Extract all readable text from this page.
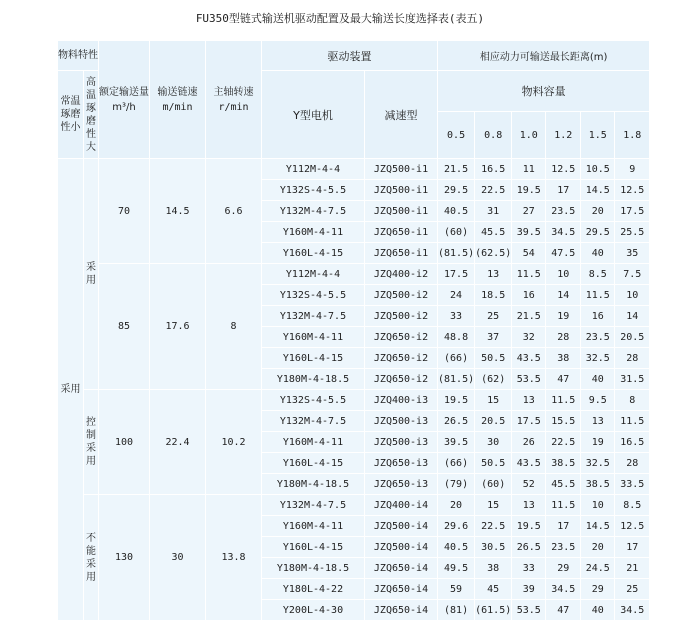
FU350型链式输送机驱动配置及最大输送长度选择表(表五)
物料特性		额定输送量m³/h	输送链速 m/min	主轴转速 r/min	驱动装置		相应动力可输送最长距离(m)					
常温琢磨性小	高温琢磨性大				Y型电机	减速型	物料容量					
							0.5	0.8	1.0	1.2	1.5	1.8
采用	采用	70	14.5	6.6	Y112M-4-4	JZQ500-i1	21.5	16.5	11	12.5	10.5	9
					Y132S-4-5.5	JZQ500-i1	29.5	22.5	19.5	17	14.5	12.5
					Y132M-4-7.5	JZQ500-i1	40.5	31	27	23.5	20	17.5
					Y160M-4-11	JZQ650-i1	(60)	45.5	39.5	34.5	29.5	25.5
					Y160L-4-15	JZQ650-i1	(81.5)	(62.5)	54	47.5	40	35
		85	17.6	8	Y112M-4-4	JZQ400-i2	17.5	13	11.5	10	8.5	7.5
					Y132S-4-5.5	JZQ500-i2	24	18.5	16	14	11.5	10
					Y132M-4-7.5	JZQ500-i2	33	25	21.5	19	16	14
					Y160M-4-11	JZQ650-i2	48.8	37	32	28	23.5	20.5
					Y160L-4-15	JZQ650-i2	(66)	50.5	43.5	38	32.5	28
					Y180M-4-18.5	JZQ650-i2	(81.5)	(62)	53.5	47	40	31.5
	控制采用	100	22.4	10.2	Y132S-4-5.5	JZQ400-i3	19.5	15	13	11.5	9.5	8
					Y132M-4-7.5	JZQ500-i3	26.5	20.5	17.5	15.5	13	11.5
					Y160M-4-11	JZQ500-i3	39.5	30	26	22.5	19	16.5
					Y160L-4-15	JZQ650-i3	(66)	50.5	43.5	38.5	32.5	28
					Y180M-4-18.5	JZQ650-i3	(79)	(60)	52	45.5	38.5	33.5
	不能采用	130	30	13.8	Y132M-4-7.5	JZQ400-i4	20	15	13	11.5	10	8.5
					Y160M-4-11	JZQ500-i4	29.6	22.5	19.5	17	14.5	12.5
					Y160L-4-15	JZQ500-i4	40.5	30.5	26.5	23.5	20	17
					Y180M-4-18.5	JZQ650-i4	49.5	38	33	29	24.5	21
					Y180L-4-22	JZQ650-i4	59	45	39	34.5	29	25
					Y200L-4-30	JZQ650-i4	(81)	(61.5)	53.5	47	40	34.5
